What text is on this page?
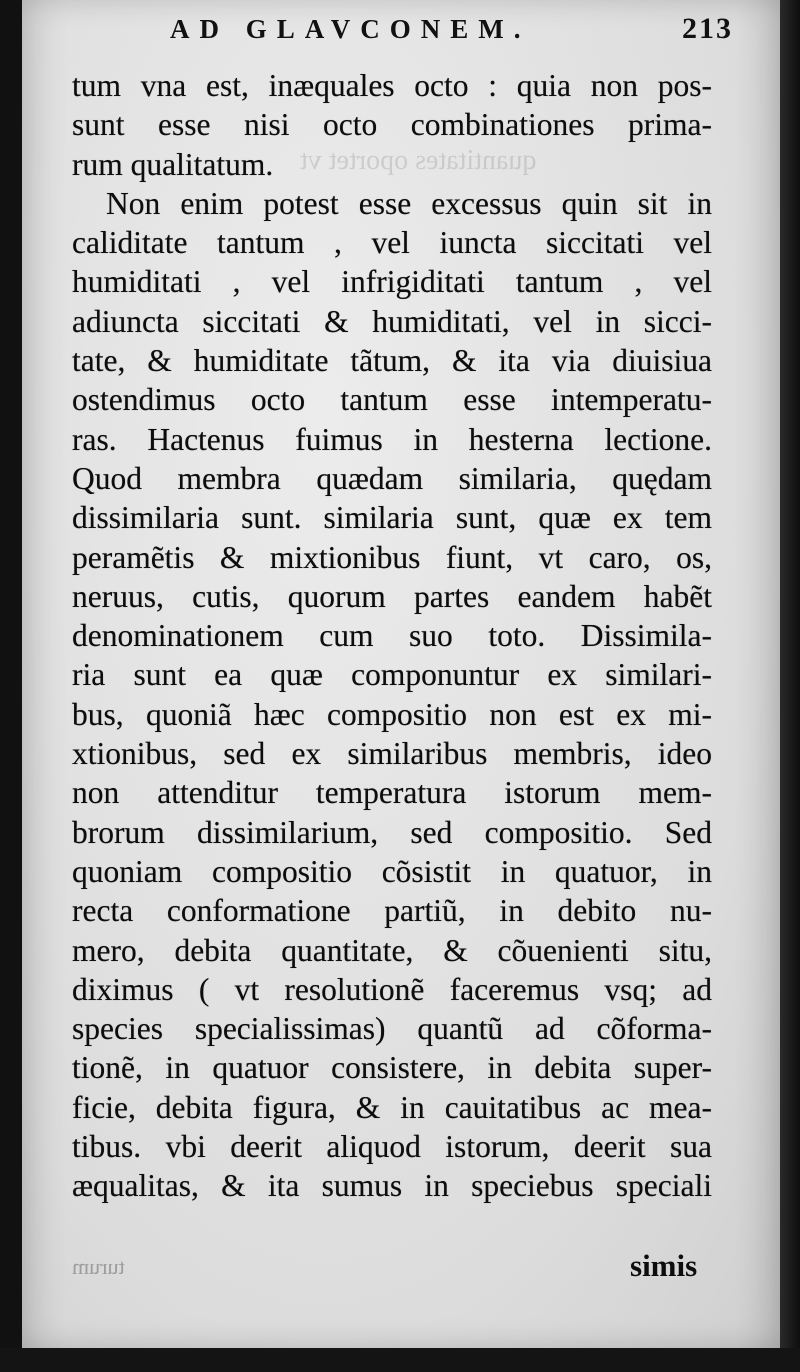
quantitates oportet vt
AD GLAVCONEM.	213
tum vna est, inæquales octo : quia non pos-
sunt esse nisi octo combinationes prima-
rum qualitatum.
Non enim potest esse excessus quin sit in
caliditate tantum , vel iuncta siccitati vel
humiditati , vel infrigiditati tantum , vel
adiuncta siccitati & humiditati, vel in sicci-
tate, & humiditate tãtum, & ita via diuisiua
ostendimus octo tantum esse intemperatu-
ras. Hactenus fuimus in hesterna lectione.
Quod membra quædam similaria, quędam
dissimilaria sunt. similaria sunt, quæ ex tem
peramẽtis & mixtionibus fiunt, vt caro, os,
neruus, cutis, quorum partes eandem habẽt
denominationem cum suo toto. Dissimila-
ria sunt ea quæ componuntur ex similari-
bus, quoniã hæc compositio non est ex mi-
xtionibus, sed ex similaribus membris, ideo
non attenditur temperatura istorum mem-
brorum dissimilarium, sed compositio. Sed
quoniam compositio cõsistit in quatuor, in
recta conformatione partiũ, in debito nu-
mero, debita quantitate, & cõuenienti situ,
diximus ( vt resolutionẽ faceremus vsq; ad
species specialissimas) quantũ ad cõforma-
tionẽ, in quatuor consistere, in debita super-
ficie, debita figura, & in cauitatibus ac mea-
tibus. vbi deerit aliquod istorum, deerit sua
æqualitas, & ita sumus in speciebus speciali
turum	simis
